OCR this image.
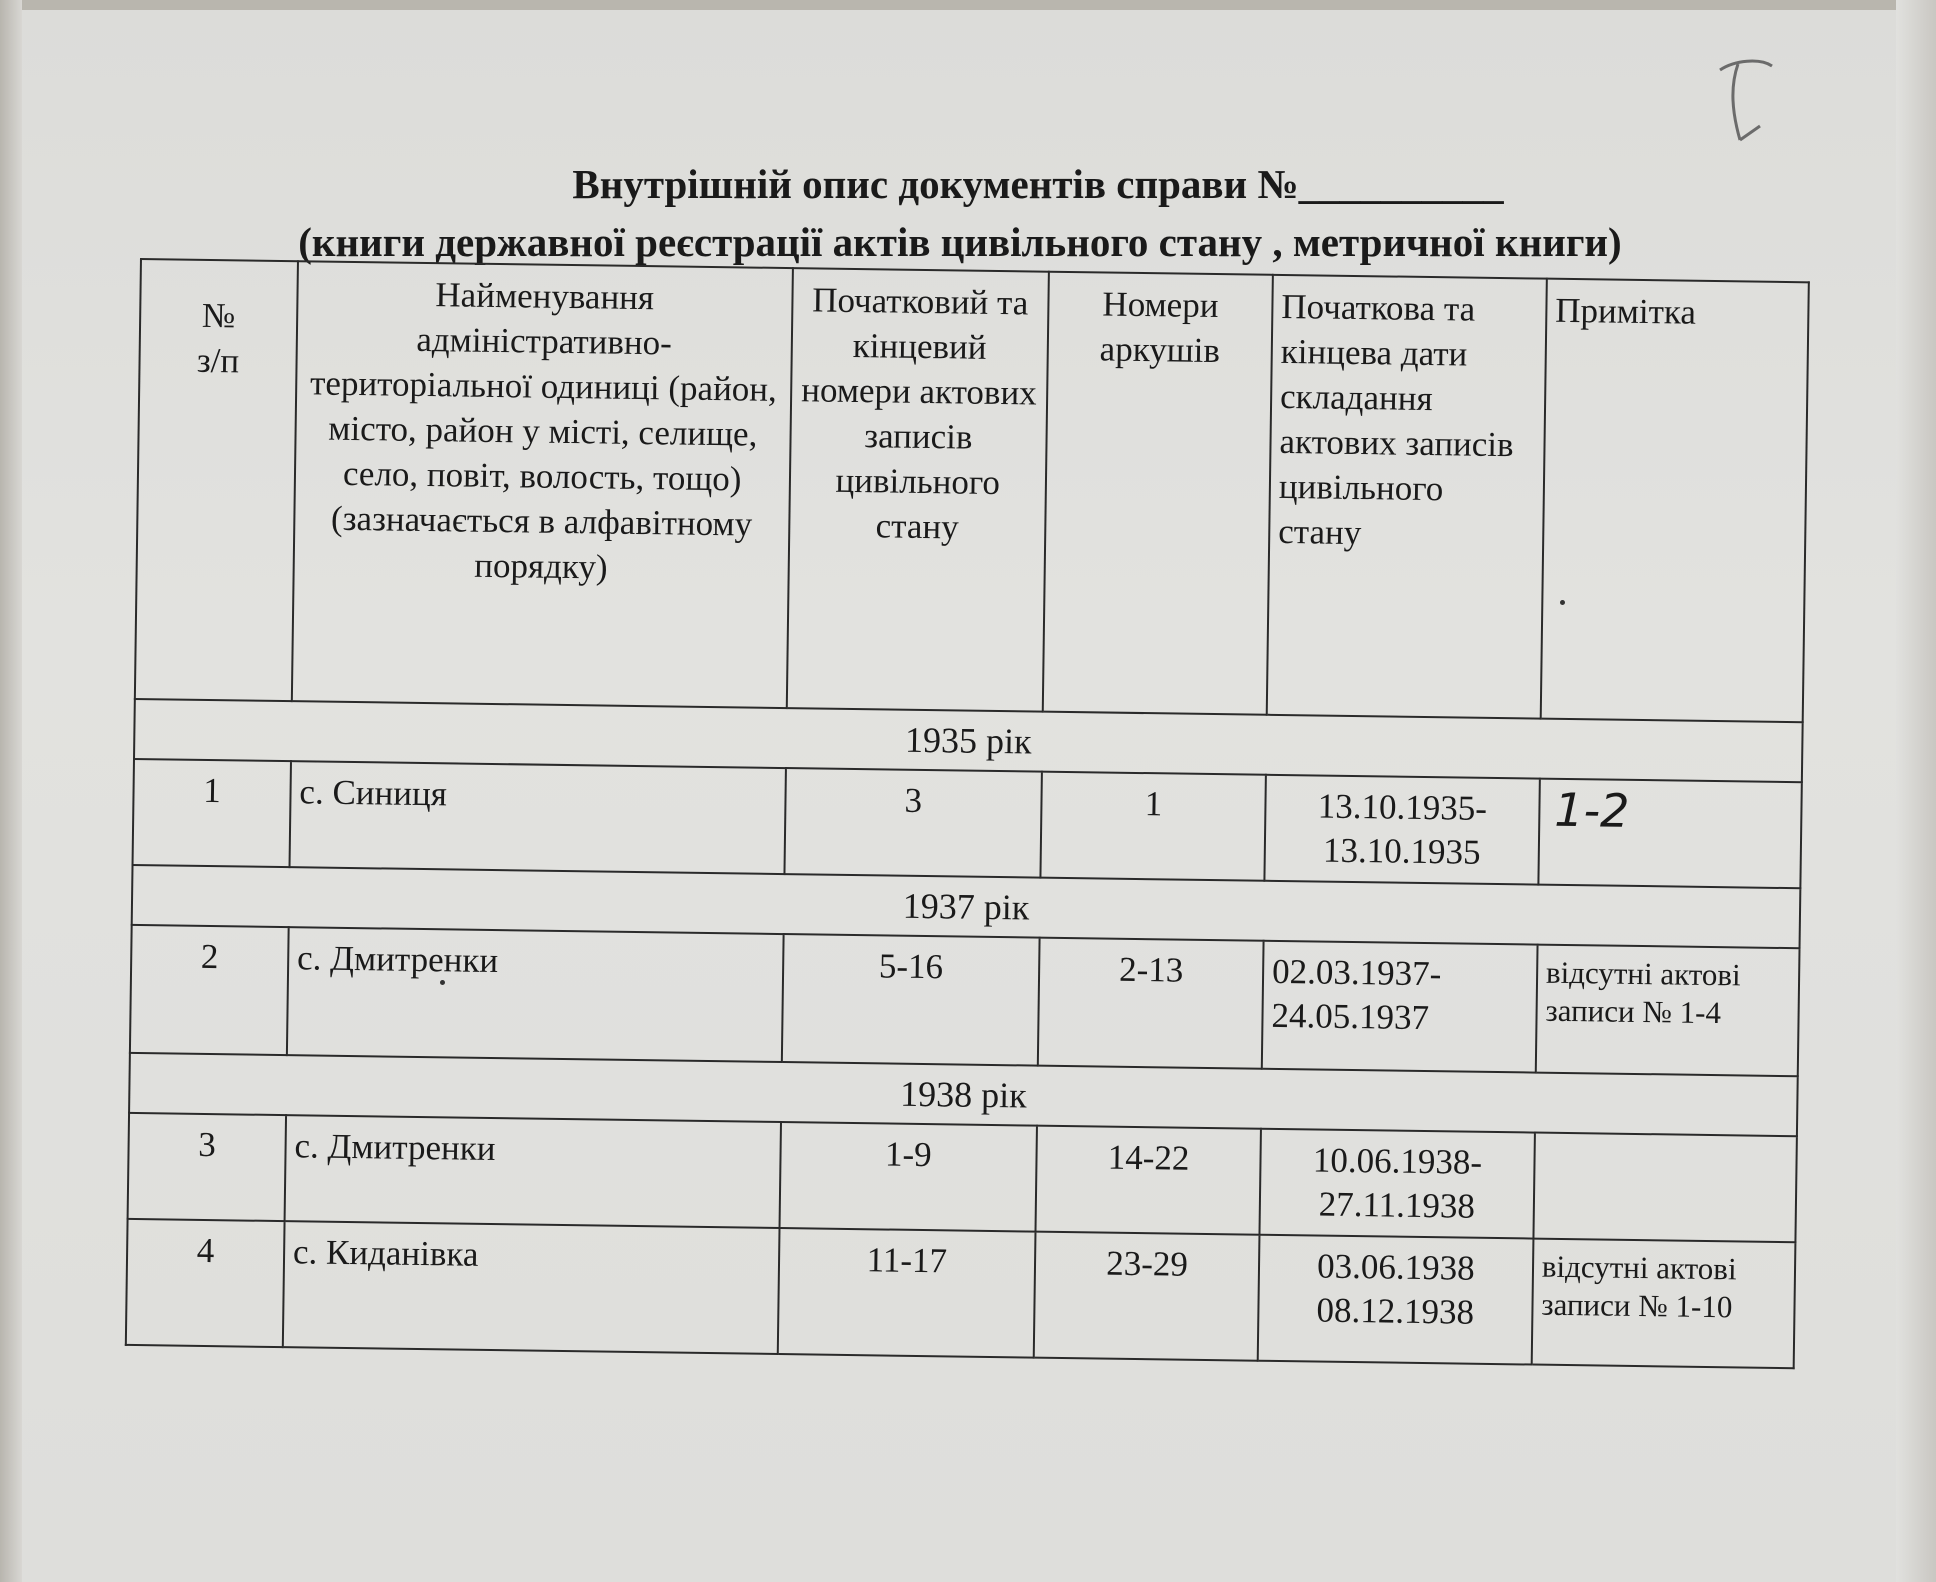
Внутрішній опис документів справи №__________
(книги державної реєстрації актів цивільного стану , метричної книги)
№
з/п	Найменування адміністративно-територіальної одиниці (район,
місто, район у місті, селище,
село, повіт, волость, тощо)
(зазначається в алфавітному порядку)	Початковий та кінцевий номери актових записів цивільного стану	Номери аркушів	Початкова та кінцева дати складання актових записів цивільного стану	Примітка

1935 рік					
1	с. Синиця	3	1	13.10.1935-
13.10.1935	1-2
1937 рік					
2	с. Дмитренки	5-16	2-13	02.03.1937-
24.05.1937	відсутні актові записи № 1-4
1938 рік					
3	с. Дмитренки	1-9	14-22	10.06.1938-
27.11.1938	
4	с. Киданівка	11-17	23-29	03.06.1938
08.12.1938	відсутні актові записи № 1-10
